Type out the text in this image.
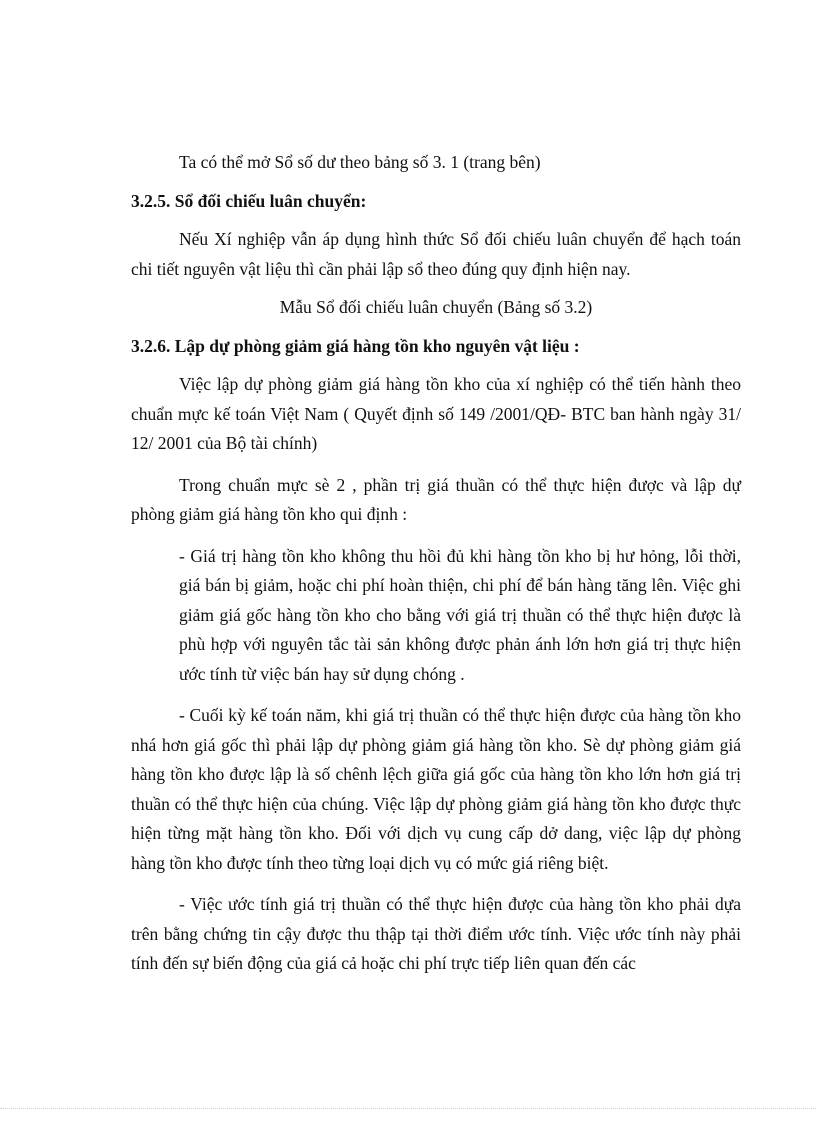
Ta có thể mở Sổ số dư theo bảng số 3. 1 (trang bên)

3.2.5. Sổ đối chiếu luân chuyển:

Nếu Xí nghiệp vẫn áp dụng hình thức Sổ đối chiếu luân chuyển để hạch toán chi tiết nguyên vật liệu thì cần phải lập sổ theo đúng quy định hiện nay.

Mẫu Sổ đối chiếu luân chuyển (Bảng số 3.2)

3.2.6. Lập dự phòng giảm giá hàng tồn kho nguyên vật liệu :

Việc lập dự phòng giảm giá hàng tồn kho của xí nghiệp có thể tiến hành theo chuẩn mực kế toán Việt Nam ( Quyết định số 149 /2001/QĐ- BTC ban hành ngày 31/ 12/ 2001 của Bộ tài chính)

Trong chuẩn mực sè 2 , phần trị giá thuần có thể thực hiện được và lập dự phòng giảm giá hàng tồn kho qui định :

- Giá trị hàng tồn kho không thu hồi đủ khi hàng tồn kho bị hư hỏng, lỗi thời, giá bán bị giảm, hoặc chi phí hoàn thiện, chi phí để bán hàng tăng lên. Việc ghi giảm giá gốc hàng tồn kho cho bằng với giá trị thuần có thể thực hiện được là phù hợp với nguyên tắc tài sản không được phản ánh lớn hơn giá trị thực hiện ước tính từ việc bán hay sử dụng chóng .

- Cuối kỳ kế toán năm, khi giá trị thuần có thể thực hiện được của hàng tồn kho nhá hơn giá gốc thì phải lập dự phòng giảm giá hàng tồn kho. Sè dự phòng giảm giá hàng tồn kho được lập là số chênh lệch giữa giá gốc của hàng tồn kho lớn hơn giá trị thuần có thể thực hiện của chúng. Việc lập dự phòng giảm giá hàng tồn kho được thực hiện từng mặt hàng tồn kho. Đối với dịch vụ cung cấp dở dang, việc lập dự phòng hàng tồn kho được tính theo từng loại dịch vụ có mức giá riêng biệt.

- Việc ước tính giá trị thuần có thể thực hiện được của hàng tồn kho phải dựa trên bằng chứng tin cậy được thu thập tại thời điểm ước tính. Việc ước tính này phải tính đến sự biến động của giá cả hoặc chi phí trực tiếp liên quan đến các
